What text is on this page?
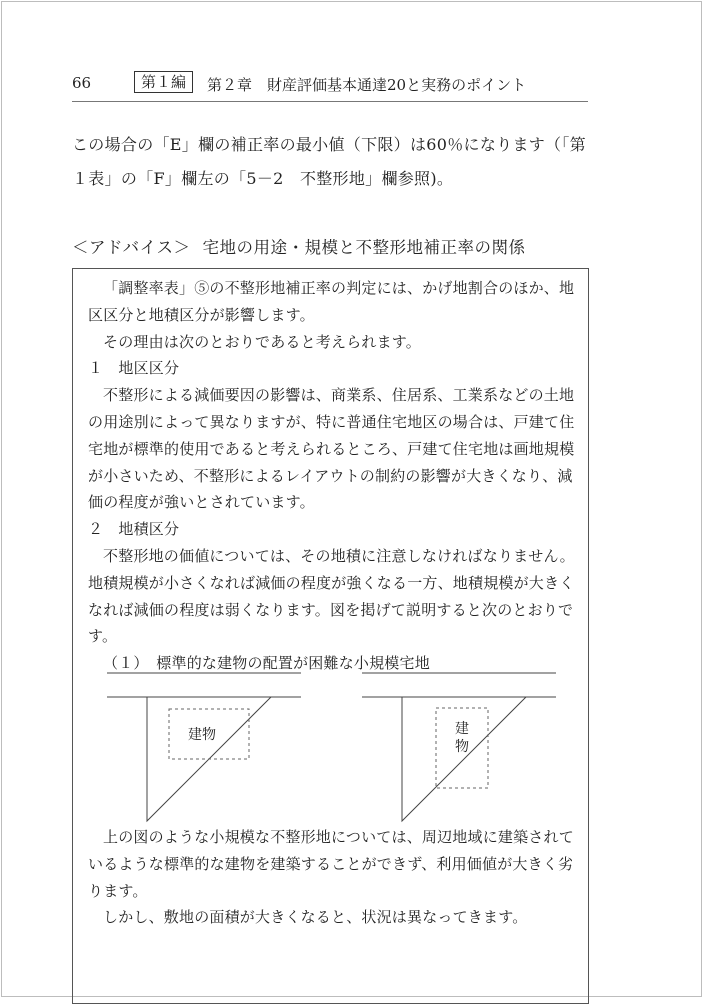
66	第１編	第２章　財産評価基本通達20と実務のポイント
この場合の「E」欄の補正率の最小値（下限）は60％になります（「第
１表」の「F」欄左の「5－2　不整形地」欄参照)。
＜アドバイス＞ 宅地の用途・規模と不整形地補正率の関係
「調整率表」⑤の不整形地補正率の判定には、かげ地割合のほか、地
区区分と地積区分が影響します。
その理由は次のとおりであると考えられます。
１　地区区分
不整形による減価要因の影響は、商業系、住居系、工業系などの土地
の用途別によって異なりますが、特に普通住宅地区の場合は、戸建て住
宅地が標準的使用であると考えられるところ、戸建て住宅地は画地規模
が小さいため、不整形によるレイアウトの制約の影響が大きくなり、減
価の程度が強いとされています。
２　地積区分
不整形地の価値については、その地積に注意しなければなりません。
地積規模が小さくなれば減価の程度が強くなる一方、地積規模が大きく
なれば減価の程度は弱くなります。図を掲げて説明すると次のとおりで
す。
（１）　標準的な建物の配置が困難な小規模宅地
建物	建
物
上の図のような小規模な不整形地については、周辺地域に建築されて
いるような標準的な建物を建築することができず、利用価値が大きく劣
ります。
しかし、敷地の面積が大きくなると、状況は異なってきます。
